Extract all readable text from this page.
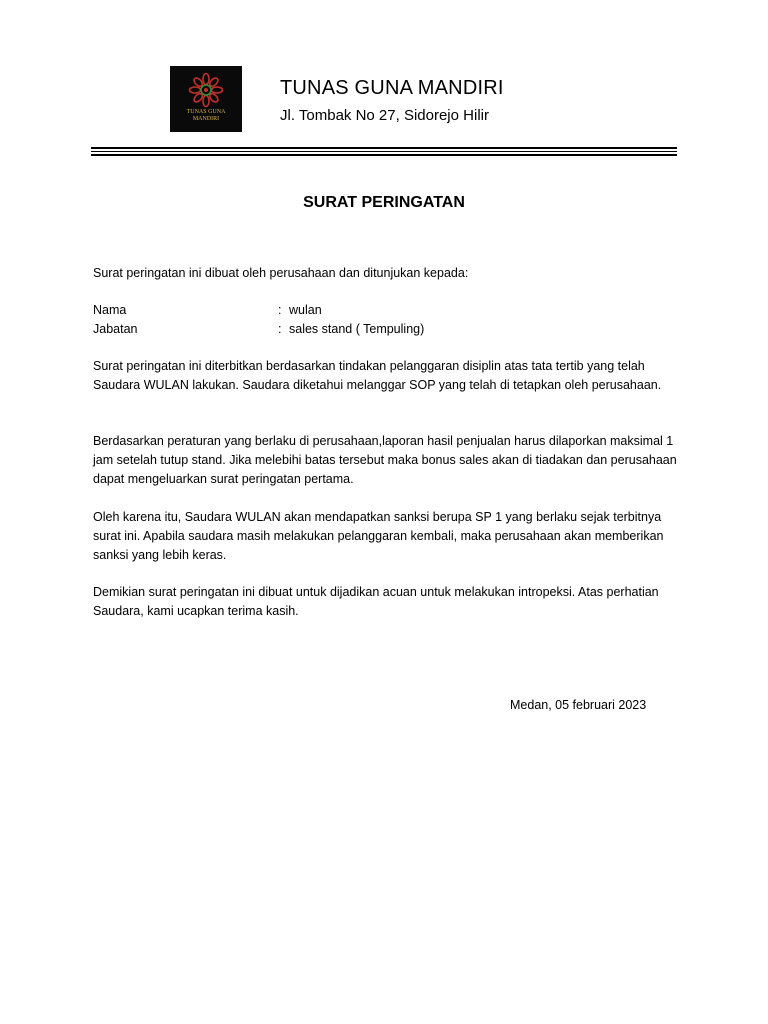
TUNAS GUNA
MANDIRI
TUNAS GUNA MANDIRI
Jl. Tombak No 27, Sidorejo Hilir
SURAT PERINGATAN
Surat peringatan ini dibuat oleh perusahaan dan ditunjukan kepada:
Nama	: wulan
Jabatan	: sales stand ( Tempuling)
Surat peringatan ini diterbitkan berdasarkan tindakan pelanggaran disiplin atas tata tertib yang telah Saudara WULAN lakukan. Saudara diketahui melanggar SOP yang telah di tetapkan oleh perusahaan.
Berdasarkan peraturan yang berlaku di perusahaan,laporan hasil penjualan harus dilaporkan maksimal 1 jam setelah tutup stand. Jika melebihi batas tersebut maka bonus sales akan di tiadakan dan perusahaan dapat mengeluarkan surat peringatan pertama.
Oleh karena itu, Saudara WULAN akan mendapatkan sanksi berupa SP 1 yang berlaku sejak terbitnya surat ini. Apabila saudara masih melakukan pelanggaran kembali, maka perusahaan akan memberikan sanksi yang lebih keras.
Demikian surat peringatan ini dibuat untuk dijadikan acuan untuk melakukan intropeksi. Atas perhatian Saudara, kami ucapkan terima kasih.
Medan, 05 februari 2023
